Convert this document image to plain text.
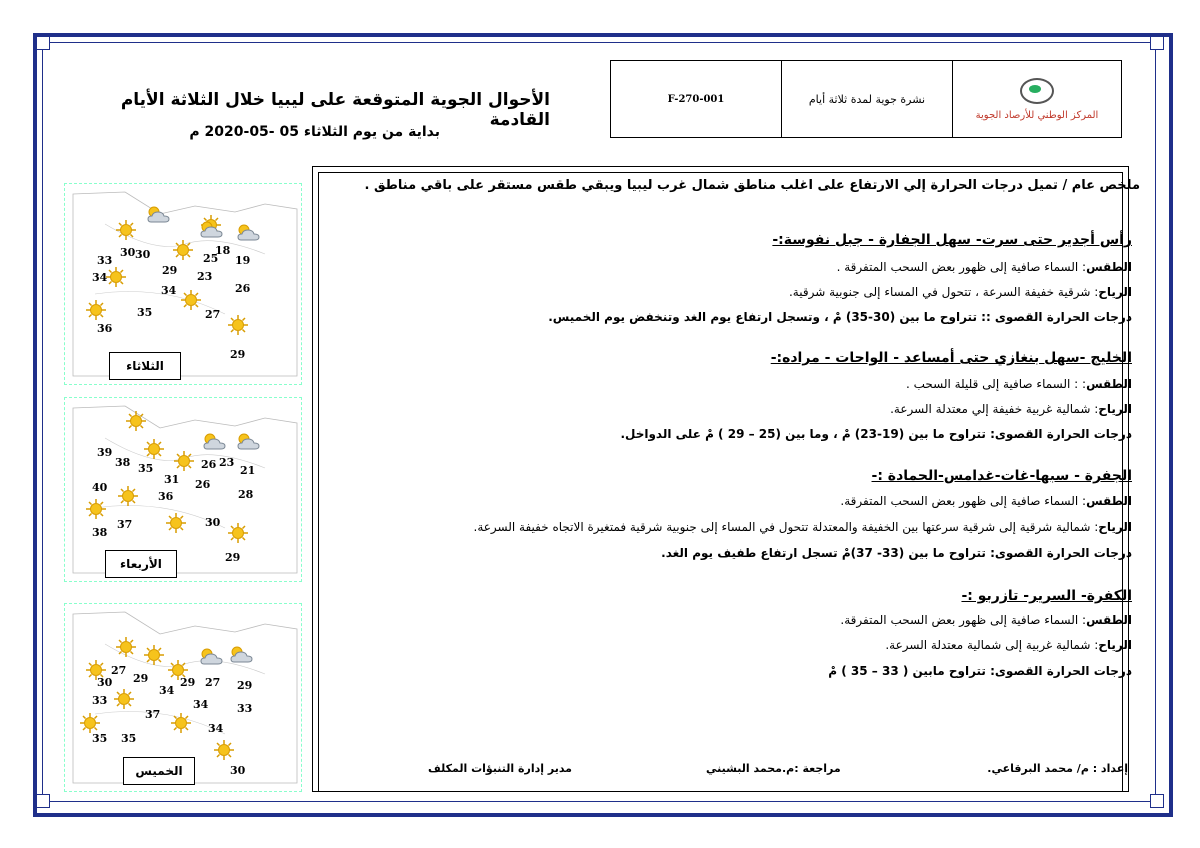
F-270-001	نشرة جوية لمدة ثلاثة أيام
المركز الوطني للأرصاد الجوية
الأحوال الجوية المتوقعة على ليبيا خلال الثلاثة الأيام القادمة
بداية من يوم الثلاثاء 05 -05-2020 م
30 30	18
33	25 19
34
29 23
26
34
35	27
36
29
الثلاثاء
39
38 35	26 23
21
31 26
40
36	28
37	30
38
29
الأربعاء
27
29	27
30	29	29
33
34
34	33
37
35 35
34
30
الخميس
ملخص عام / تميل درجات الحرارة إلي الارتفاع على اغلب مناطق شمال غرب ليبيا ويبقي طقس مستقر على باقي مناطق .
رأس أجدير حتى سرت- سهل الجفارة - جبل نفوسة:-
الطقس: السماء صافية إلى ظهور بعض السحب المتفرقة .
الرياح: شرقية خفيفة السرعة ، تتحول في المساء إلى جنوبية شرقية.
درجات الحرارة القصوى :: تتراوح ما بين (30-35) مْ ، وتسجل ارتفاع يوم الغد وتنخفض يوم الخميس.
الخليج -سهل بنغازي حتى أمساعد - الواحات - مراده:-
الطقس: : السماء صافية إلى قليلة السحب .
الرياح: شمالية غربية خفيفة إلي معتدلة السرعة.
درجات الحرارة القصوى: تتراوح ما بين (19-23) مْ ، وما بين (25 – 29 ) مْ على الدواخل.
الجفرة - سبها-غات-غدامس-الحمادة :-
الطقس: السماء صافية إلى ظهور بعض السحب المتفرقة.
الرياح: شمالية شرقية إلى شرقية سرعتها بين الخفيفة والمعتدلة تتحول في المساء إلى جنوبية شرقية فمتغيرة الاتجاه خفيفة السرعة.
درجات الحرارة القصوى: تتراوح ما بين (33- 37)مْ تسجل ارتفاع طفيف يوم الغد.
الكفرة- السرير- تازربو :-
الطقس: السماء صافية إلى ظهور بعض السحب المتفرقة.
الرياح: شمالية غربية إلى شمالية معتدلة السرعة.
درجات الحرارة القصوى: تتراوح مابين ( 33 – 35 ) مْ
إعداد : م/ محمد البرقاعي.
مراجعة :م.محمد البشيني
مدير إدارة التنبؤات المكلف
